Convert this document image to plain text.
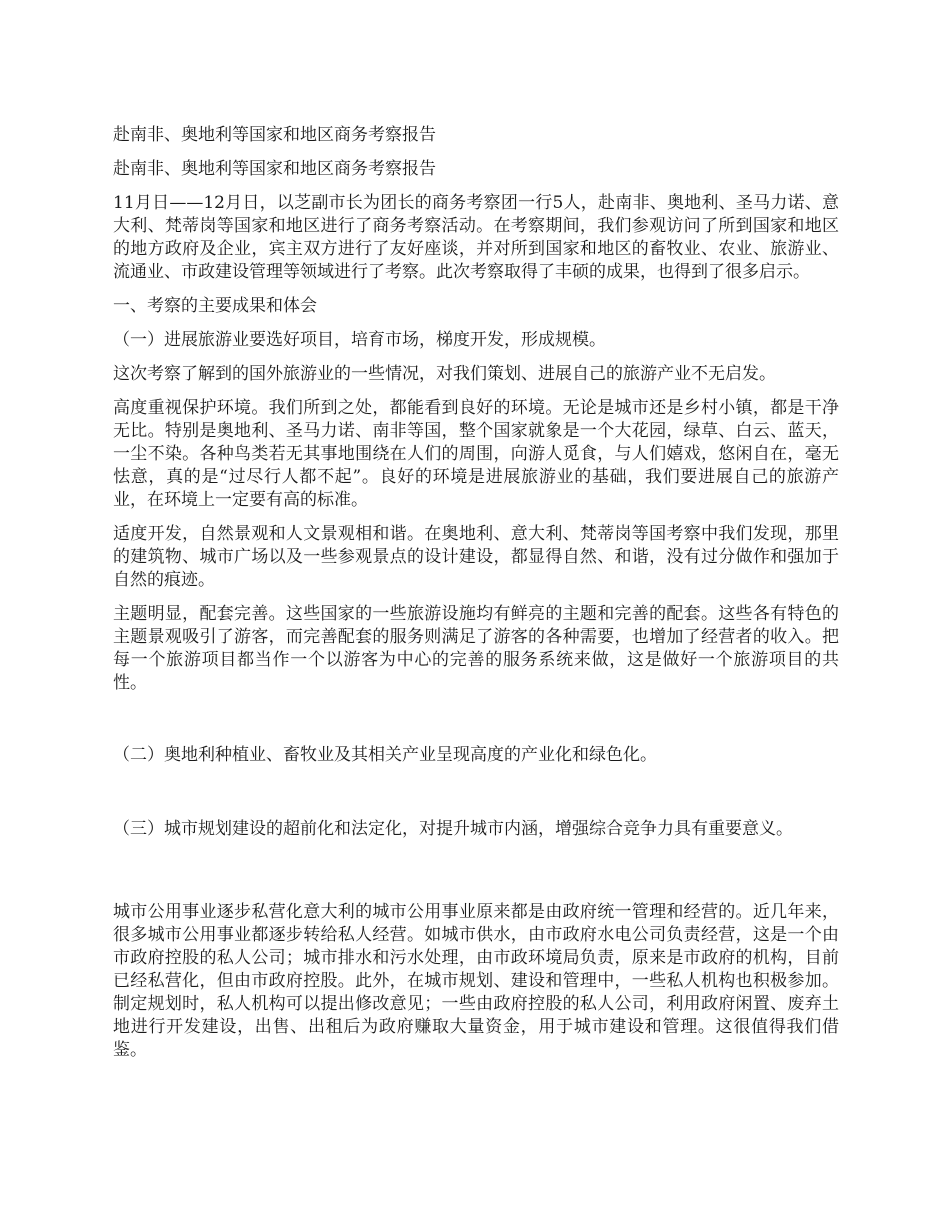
赴南非、奥地利等国家和地区商务考察报告

赴南非、奥地利等国家和地区商务考察报告

11月日——12月日，以芝副市长为团长的商务考察团一行5人，赴南非、奥地利、圣马力诺、意大利、梵蒂岗等国家和地区进行了商务考察活动。在考察期间，我们参观访问了所到国家和地区的地方政府及企业，宾主双方进行了友好座谈，并对所到国家和地区的畜牧业、农业、旅游业、流通业、市政建设管理等领域进行了考察。此次考察取得了丰硕的成果，也得到了很多启示。

一、考察的主要成果和体会

（一）进展旅游业要选好项目，培育市场，梯度开发，形成规模。

这次考察了解到的国外旅游业的一些情况，对我们策划、进展自己的旅游产业不无启发。

高度重视保护环境。我们所到之处，都能看到良好的环境。无论是城市还是乡村小镇，都是干净无比。特别是奥地利、圣马力诺、南非等国，整个国家就象是一个大花园，绿草、白云、蓝天，一尘不染。各种鸟类若无其事地围绕在人们的周围，向游人觅食，与人们嬉戏，悠闲自在，毫无怯意，真的是“过尽行人都不起”。良好的环境是进展旅游业的基础，我们要进展自己的旅游产业，在环境上一定要有高的标准。

适度开发，自然景观和人文景观相和谐。在奥地利、意大利、梵蒂岗等国考察中我们发现，那里的建筑物、城市广场以及一些参观景点的设计建设，都显得自然、和谐，没有过分做作和强加于自然的痕迹。

主题明显，配套完善。这些国家的一些旅游设施均有鲜亮的主题和完善的配套。这些各有特色的主题景观吸引了游客，而完善配套的服务则满足了游客的各种需要，也增加了经营者的收入。把每一个旅游项目都当作一个以游客为中心的完善的服务系统来做，这是做好一个旅游项目的共性。

（二）奥地利种植业、畜牧业及其相关产业呈现高度的产业化和绿色化。

（三）城市规划建设的超前化和法定化，对提升城市内涵，增强综合竞争力具有重要意义。

城市公用事业逐步私营化意大利的城市公用事业原来都是由政府统一管理和经营的。近几年来，很多城市公用事业都逐步转给私人经营。如城市供水，由市政府水电公司负责经营，这是一个由市政府控股的私人公司；城市排水和污水处理，由市政环境局负责，原来是市政府的机构，目前已经私营化，但由市政府控股。此外，在城市规划、建设和管理中，一些私人机构也积极参加。制定规划时，私人机构可以提出修改意见；一些由政府控股的私人公司，利用政府闲置、废弃土地进行开发建设，出售、出租后为政府赚取大量资金，用于城市建设和管理。这很值得我们借鉴。
